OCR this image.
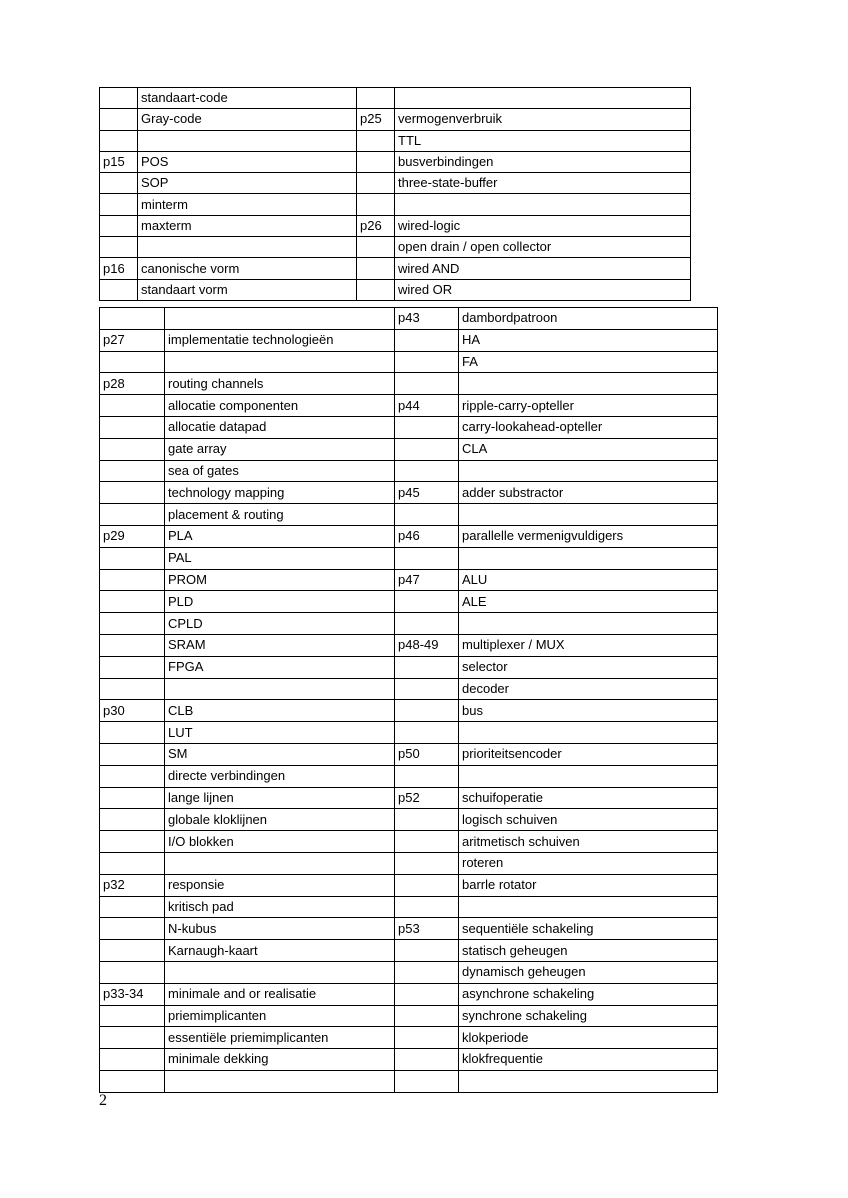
	standaart-code		
	Gray-code	p25	vermogenverbruik
			TTL
p15	POS		busverbindingen
	SOP		three-state-buffer
	minterm		
	maxterm	p26	wired-logic
			open drain / open collector
p16	canonische vorm		wired AND
	standaart vorm		wired OR
		p43	dambordpatroon
p27	implementatie technologieën		HA
			FA
p28	routing channels		
	allocatie componenten	p44	ripple-carry-opteller
	allocatie datapad		carry-lookahead-opteller
	gate array		CLA
	sea of gates		
	technology mapping	p45	adder substractor
	placement & routing		
p29	PLA	p46	parallelle vermenigvuldigers
	PAL		
	PROM	p47	ALU
	PLD		ALE
	CPLD		
	SRAM	p48-49	multiplexer / MUX
	FPGA		selector
			decoder
p30	CLB		bus
	LUT		
	SM	p50	prioriteitsencoder
	directe verbindingen		
	lange lijnen	p52	schuifoperatie
	globale kloklijnen		logisch schuiven
	I/O blokken		aritmetisch schuiven
			roteren
p32	responsie		barrle rotator
	kritisch pad		
	N-kubus	p53	sequentiële schakeling
	Karnaugh-kaart		statisch geheugen
			dynamisch geheugen
p33-34	minimale and or realisatie		asynchrone schakeling
	priemimplicanten		synchrone schakeling
	essentiële priemimplicanten		klokperiode
	minimale dekking		klokfrequentie

2
